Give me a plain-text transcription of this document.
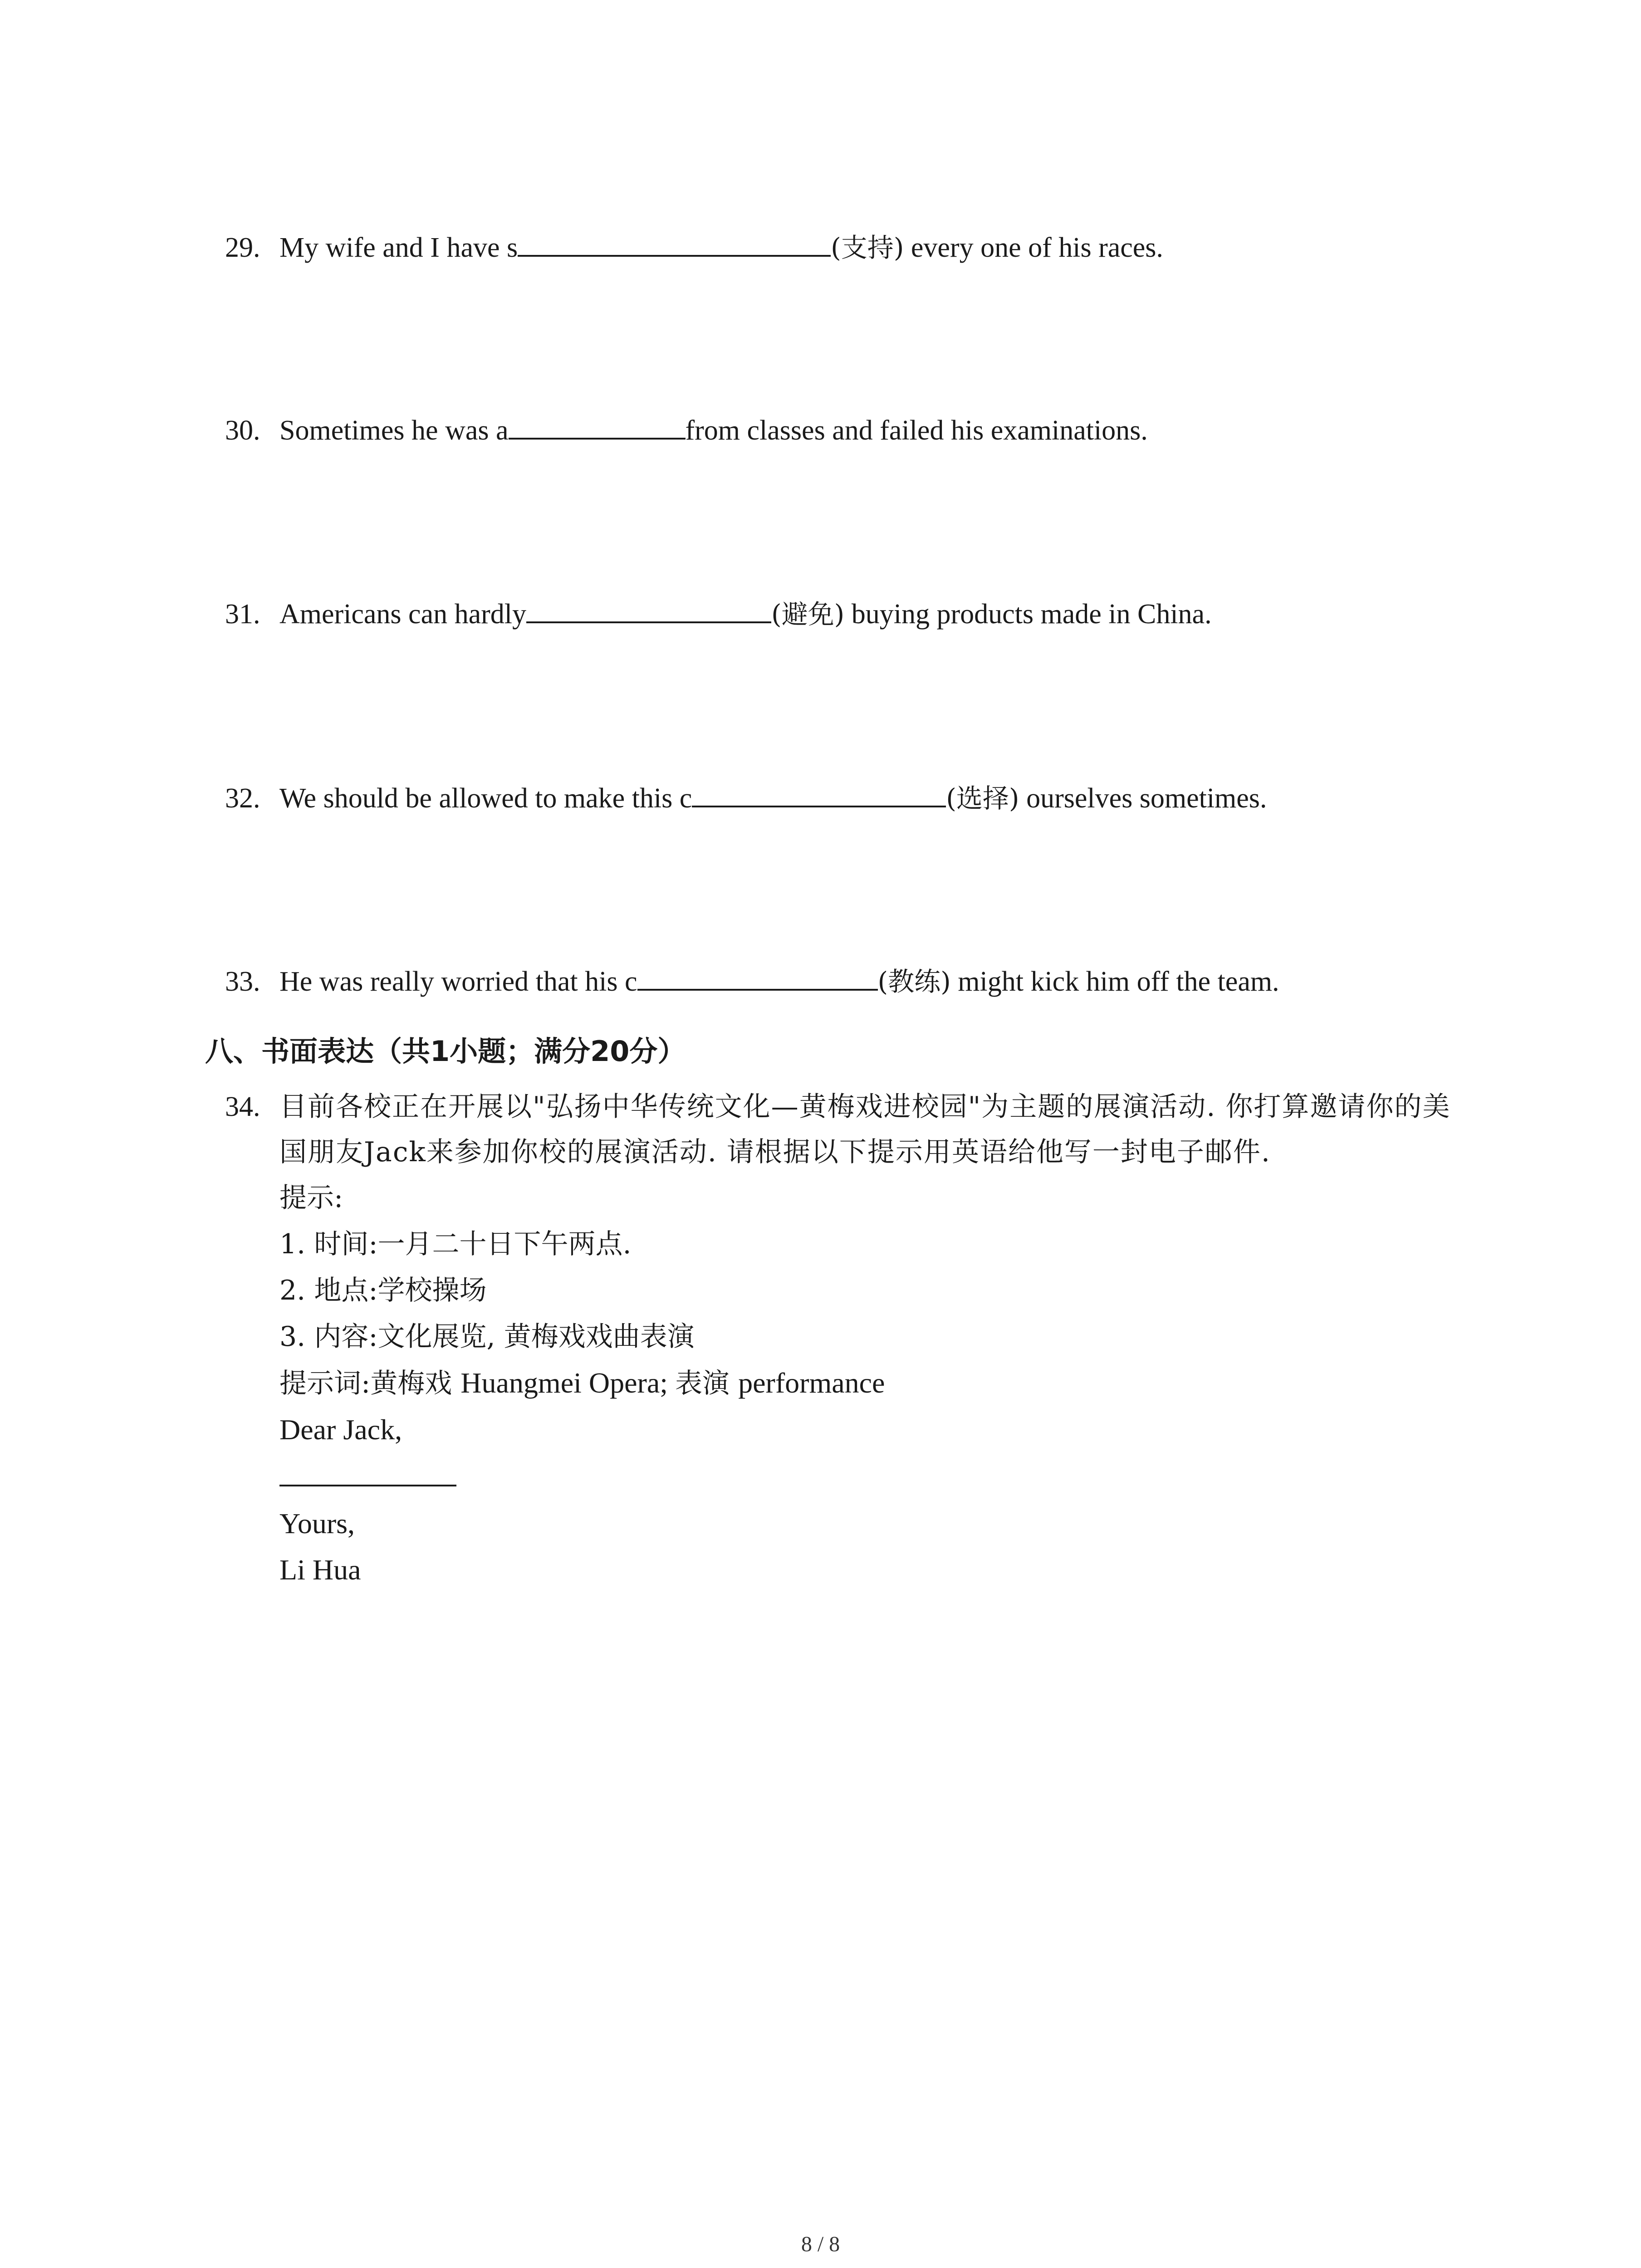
29. My wife and I have s	(支持) every one of his races.
30. Sometimes he was a	from classes and failed his examinations.
31. Americans can hardly	(避免) buying products made in China.
32. We should be allowed to make this c	(选择) ourselves sometimes.
33. He was really worried that his c	(教练) might kick him off the team.
八、书面表达（共1小题；满分20分）
34. 目前各校正在开展以"弘扬中华传统文化—黄梅戏进校园"为主题的展演活动. 你打算邀请你的美国朋友Jack来参加你校的展演活动. 请根据以下提示用英语给他写一封电子邮件.
提示:
1. 时间:一月二十日下午两点.
2. 地点:学校操场
3. 内容:文化展览, 黄梅戏戏曲表演
提示词:黄梅戏 Huangmei Opera; 表演 performance
Dear Jack,
Yours,
Li Hua
8 / 8
